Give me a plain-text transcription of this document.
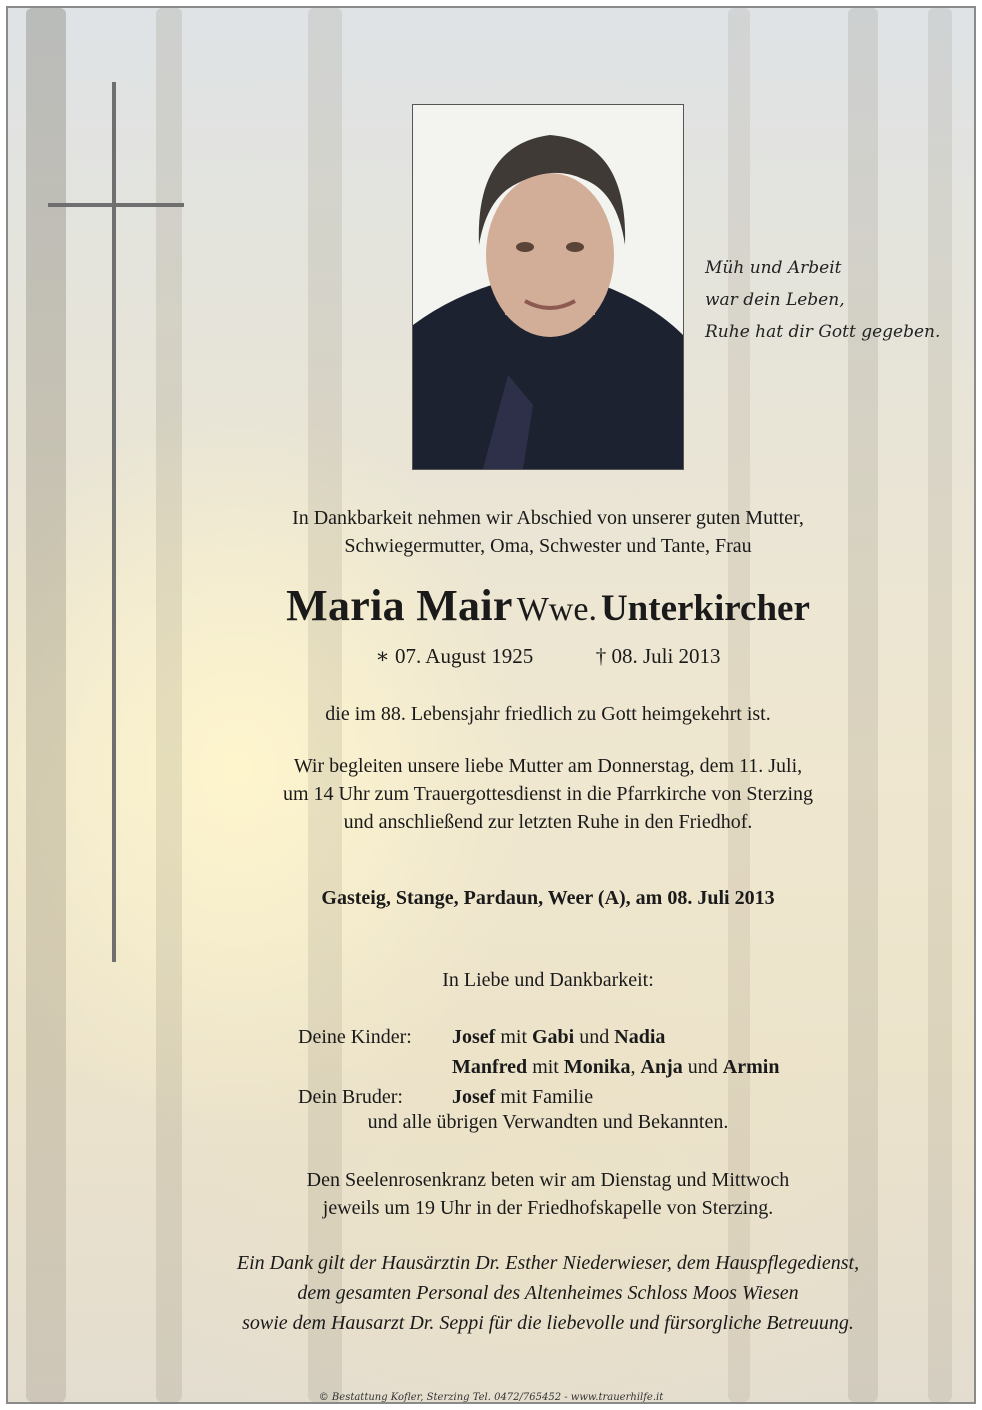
Müh und Arbeit
war dein Leben,
Ruhe hat dir Gott gegeben.
In Dankbarkeit nehmen wir Abschied von unserer guten Mutter,
Schwiegermutter, Oma, Schwester und Tante, Frau
Maria Mair Wwe. Unterkircher
∗ 07. August 1925	† 08. Juli 2013
die im 88. Lebensjahr friedlich zu Gott heimgekehrt ist.
Wir begleiten unsere liebe Mutter am Donnerstag, dem 11. Juli,
um 14 Uhr zum Trauergottesdienst in die Pfarrkirche von Sterzing
und anschließend zur letzten Ruhe in den Friedhof.
Gasteig, Stange, Pardaun, Weer (A), am 08. Juli 2013
In Liebe und Dankbarkeit:
Deine Kinder: Josef mit Gabi und Nadia
Manfred mit Monika, Anja und Armin
Dein Bruder: Josef mit Familie
und alle übrigen Verwandten und Bekannten.
Den Seelenrosenkranz beten wir am Dienstag und Mittwoch
jeweils um 19 Uhr in der Friedhofskapelle von Sterzing.
Ein Dank gilt der Hausärztin Dr. Esther Niederwieser, dem Hauspflegedienst,
dem gesamten Personal des Altenheimes Schloss Moos Wiesen
sowie dem Hausarzt Dr. Seppi für die liebevolle und fürsorgliche Betreuung.
© Bestattung Kofler, Sterzing Tel. 0472/765452 - www.trauerhilfe.it
